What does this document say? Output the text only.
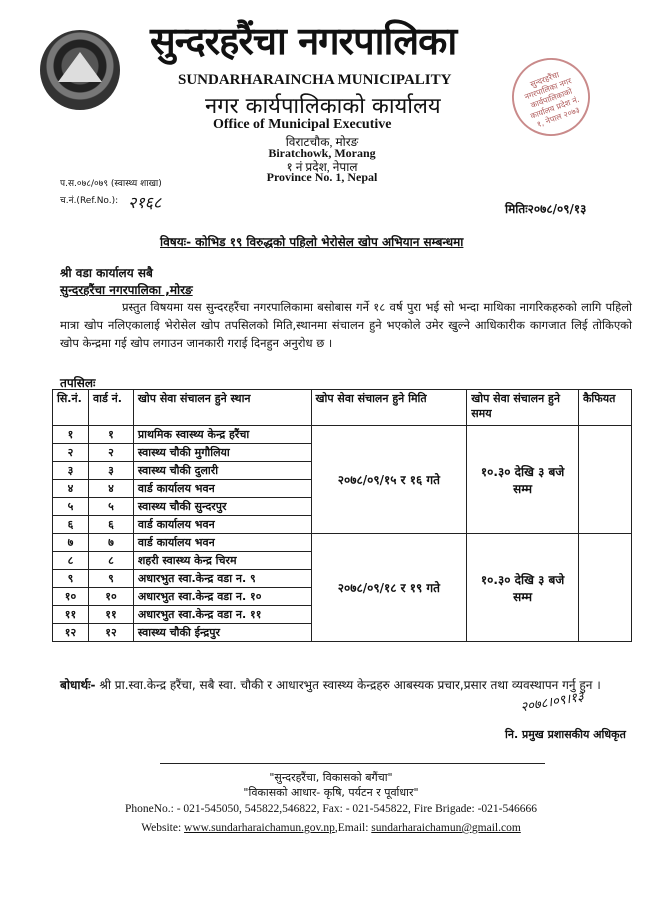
सुन्दरहरैंचा नगरपालिका
SUNDARHARAINCHA MUNICIPALITY
नगर कार्यपालिकाको कार्यालय
Office of Municipal Executive
विराटचौक, मोरङ
Biratchowk, Morang
१ नं प्रदेश, नेपाल
Province No. 1, Nepal
सुन्दरहरैंचा नगरपालिका नगर कार्यपालिकाको कार्यालय प्रदेश नं. १, नेपाल २०७३
प.स.०७८/०७९ (स्वास्थ्य शाखा)
च.नं.(Ref.No.): २१६८	मितिः२०७८/०९/१३
विषयः- कोभिड १९ विरुद्धको पहिलो भेरोसेल खोप अभियान सम्बन्धमा
श्री वडा कार्यालय सबै
सुन्दरहरैंचा नगरपालिका ,मोरङ
प्रस्तुत विषयमा यस सुन्दरहरैंचा नगरपालिकामा बसोबास गर्ने १८ वर्ष पुरा भई सो भन्दा माथिका नागरिकहरुको लागि पहिलो मात्रा खोप नलिएकालाई भेरोसेल खोप तपसिलको मिति,स्थानमा संचालन हुने भएकोले उमेर खुल्ने आधिकारीक कागजात लिई तोकिएको खोप केन्द्रमा गई खोप लगाउन जानकारी गराई दिनहुन अनुरोध छ ।
तपसिलः
सि.नं.	वार्ड नं.	खोप सेवा संचालन हुने स्थान	खोप सेवा संचालन हुने मिति	खोप सेवा संचालन हुने समय	कैफियत
१	१	प्राथमिक स्वास्थ्य केन्द्र हरैंचा	२०७८/०९/१५ र १६ गते	१०.३० देखि ३ बजे सम्म	
२	२	स्वास्थ्य चौकी मुगौलिया			
३	३	स्वास्थ्य चौकी दुलारी			
४	४	वार्ड कार्यालय भवन			
५	५	स्वास्थ्य चौकी सुन्दरपुर			
६	६	वार्ड कार्यालय भवन			
७	७	वार्ड कार्यालय भवन	२०७८/०९/१८ र १९ गते	१०.३० देखि ३ बजे सम्म	
८	८	शहरी स्वास्थ्य केन्द्र चिरम			
९	९	अधारभुत स्वा.केन्द्र वडा न. ९			
१०	१०	अधारभुत स्वा.केन्द्र वडा न. १०			
११	११	अधारभुत स्वा.केन्द्र वडा न. ११			
१२	१२	स्वास्थ्य चौकी ईन्द्रपुर			
बोधार्थः- श्री प्रा.स्वा.केन्द्र हरैंचा, सबै स्वा. चौकी र आधारभुत स्वास्थ्य केन्द्रहरु आबस्यक प्रचार,प्रसार तथा व्यवस्थापन गर्नु हुन ।
२०७८।०९।१३
नि. प्रमुख प्रशासकीय अधिकृत
"सुन्दरहरैंचा, विकासको बगैंचा"
"विकासको आधार- कृषि, पर्यटन र पूर्वाधार"
PhoneNo.: - 021-545050, 545822,546822, Fax: - 021-545822, Fire Brigade: -021-546666
Website: www.sundarharaichamun.gov.np,Email: sundarharaichamun@gmail.com
